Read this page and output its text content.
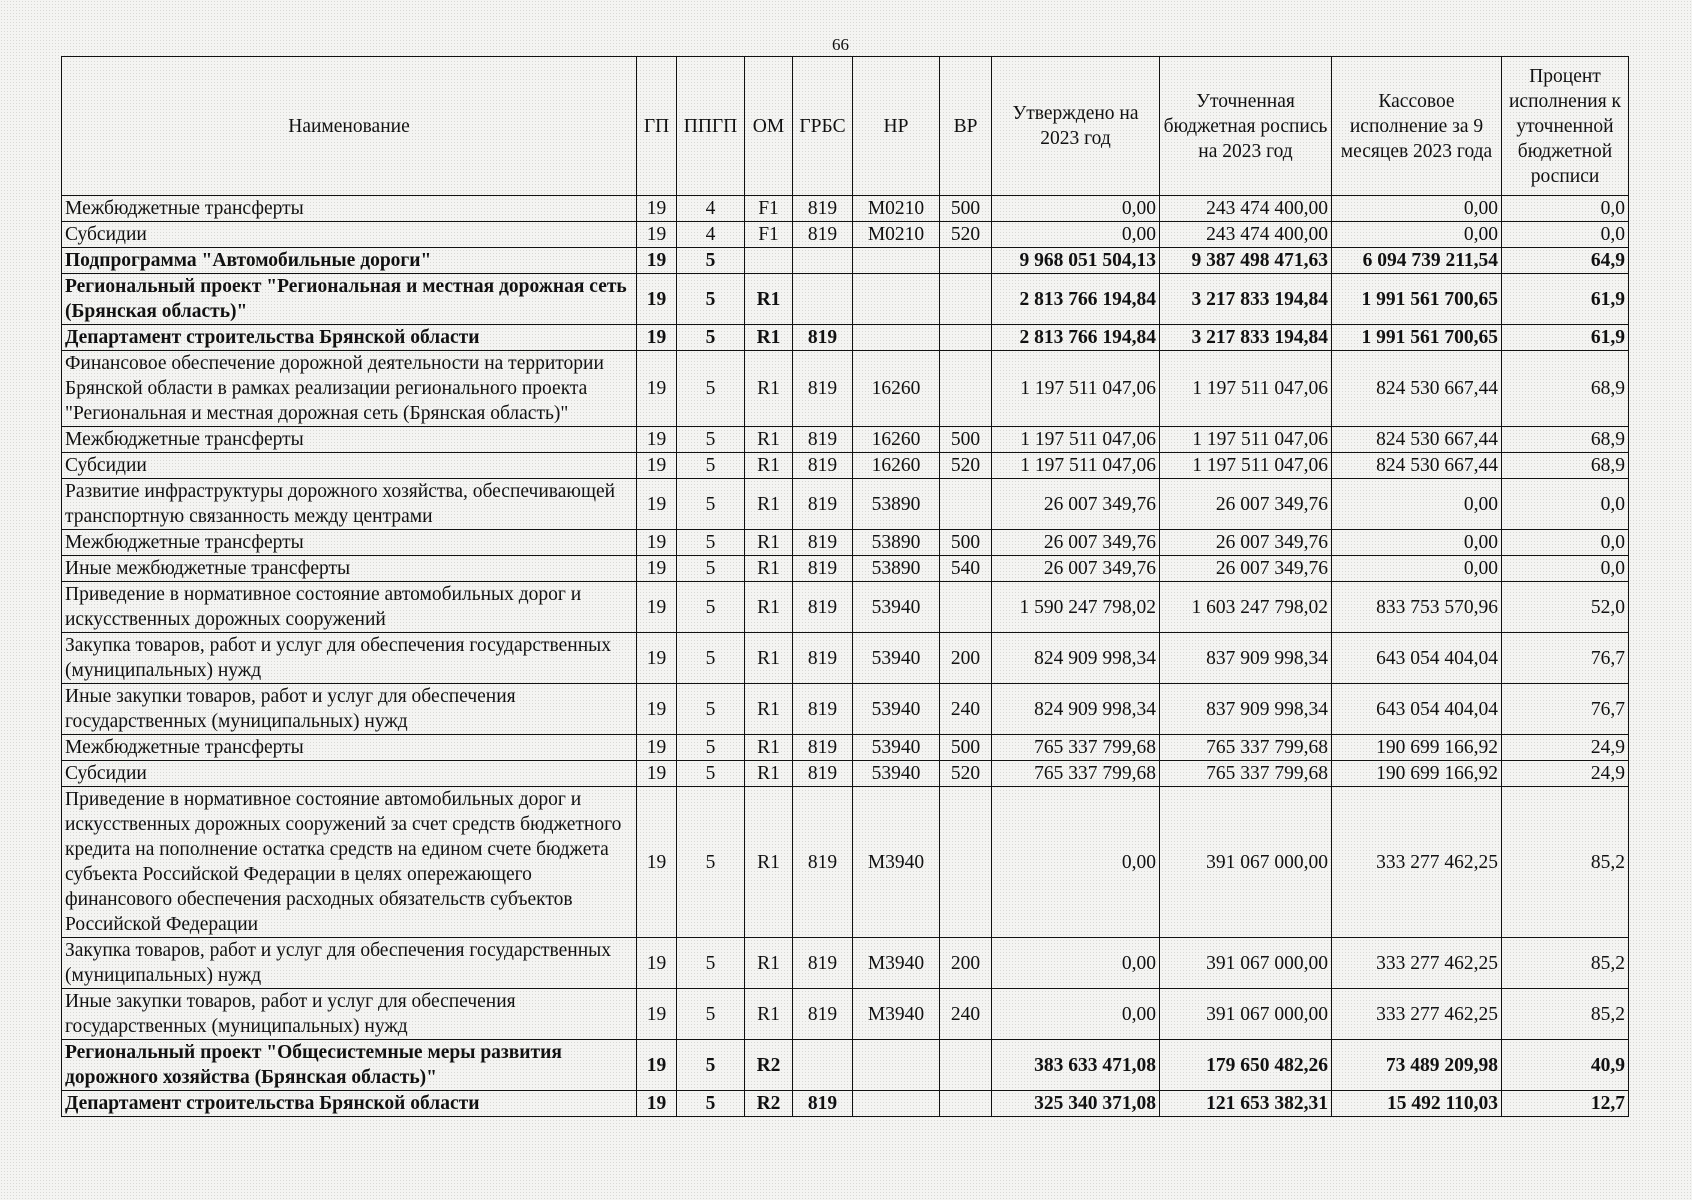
66
Наименование	ГП	ППГП	ОМ	ГРБС	НР	ВР	Утверждено на 2023 год	Уточненная бюджетная роспись на 2023 год	Кассовое исполнение за 9 месяцев 2023 года	Процент исполнения к уточненной бюджетной росписи
Межбюджетные трансферты	19	4	F1	819	M0210	500	0,00	243 474 400,00	0,00	0,0
Субсидии	19	4	F1	819	M0210	520	0,00	243 474 400,00	0,00	0,0
Подпрограмма "Автомобильные дороги"	19	5					9 968 051 504,13	9 387 498 471,63	6 094 739 211,54	64,9
Региональный проект "Региональная и местная дорожная сеть (Брянская область)"	19	5	R1				2 813 766 194,84	3 217 833 194,84	1 991 561 700,65	61,9
Департамент строительства Брянской области	19	5	R1	819			2 813 766 194,84	3 217 833 194,84	1 991 561 700,65	61,9
Финансовое обеспечение дорожной деятельности на территории Брянской области в рамках реализации регионального проекта "Региональная и местная дорожная сеть (Брянская область)"	19	5	R1	819	16260		1 197 511 047,06	1 197 511 047,06	824 530 667,44	68,9
Межбюджетные трансферты	19	5	R1	819	16260	500	1 197 511 047,06	1 197 511 047,06	824 530 667,44	68,9
Субсидии	19	5	R1	819	16260	520	1 197 511 047,06	1 197 511 047,06	824 530 667,44	68,9
Развитие инфраструктуры дорожного хозяйства, обеспечивающей транспортную связанность между центрами	19	5	R1	819	53890		26 007 349,76	26 007 349,76	0,00	0,0
Межбюджетные трансферты	19	5	R1	819	53890	500	26 007 349,76	26 007 349,76	0,00	0,0
Иные межбюджетные трансферты	19	5	R1	819	53890	540	26 007 349,76	26 007 349,76	0,00	0,0
Приведение в нормативное состояние автомобильных дорог и искусственных дорожных сооружений	19	5	R1	819	53940		1 590 247 798,02	1 603 247 798,02	833 753 570,96	52,0
Закупка товаров, работ и услуг для обеспечения государственных (муниципальных) нужд	19	5	R1	819	53940	200	824 909 998,34	837 909 998,34	643 054 404,04	76,7
Иные закупки товаров, работ и услуг для обеспечения государственных (муниципальных) нужд	19	5	R1	819	53940	240	824 909 998,34	837 909 998,34	643 054 404,04	76,7
Межбюджетные трансферты	19	5	R1	819	53940	500	765 337 799,68	765 337 799,68	190 699 166,92	24,9
Субсидии	19	5	R1	819	53940	520	765 337 799,68	765 337 799,68	190 699 166,92	24,9
Приведение в нормативное состояние автомобильных дорог и искусственных дорожных сооружений за счет средств бюджетного кредита на пополнение остатка средств на едином счете бюджета субъекта Российской Федерации в целях опережающего финансового обеспечения расходных обязательств субъектов Российской Федерации	19	5	R1	819	M3940		0,00	391 067 000,00	333 277 462,25	85,2
Закупка товаров, работ и услуг для обеспечения государственных (муниципальных) нужд	19	5	R1	819	M3940	200	0,00	391 067 000,00	333 277 462,25	85,2
Иные закупки товаров, работ и услуг для обеспечения государственных (муниципальных) нужд	19	5	R1	819	M3940	240	0,00	391 067 000,00	333 277 462,25	85,2
Региональный проект "Общесистемные меры развития дорожного хозяйства (Брянская область)"	19	5	R2				383 633 471,08	179 650 482,26	73 489 209,98	40,9
Департамент строительства Брянской области	19	5	R2	819			325 340 371,08	121 653 382,31	15 492 110,03	12,7
